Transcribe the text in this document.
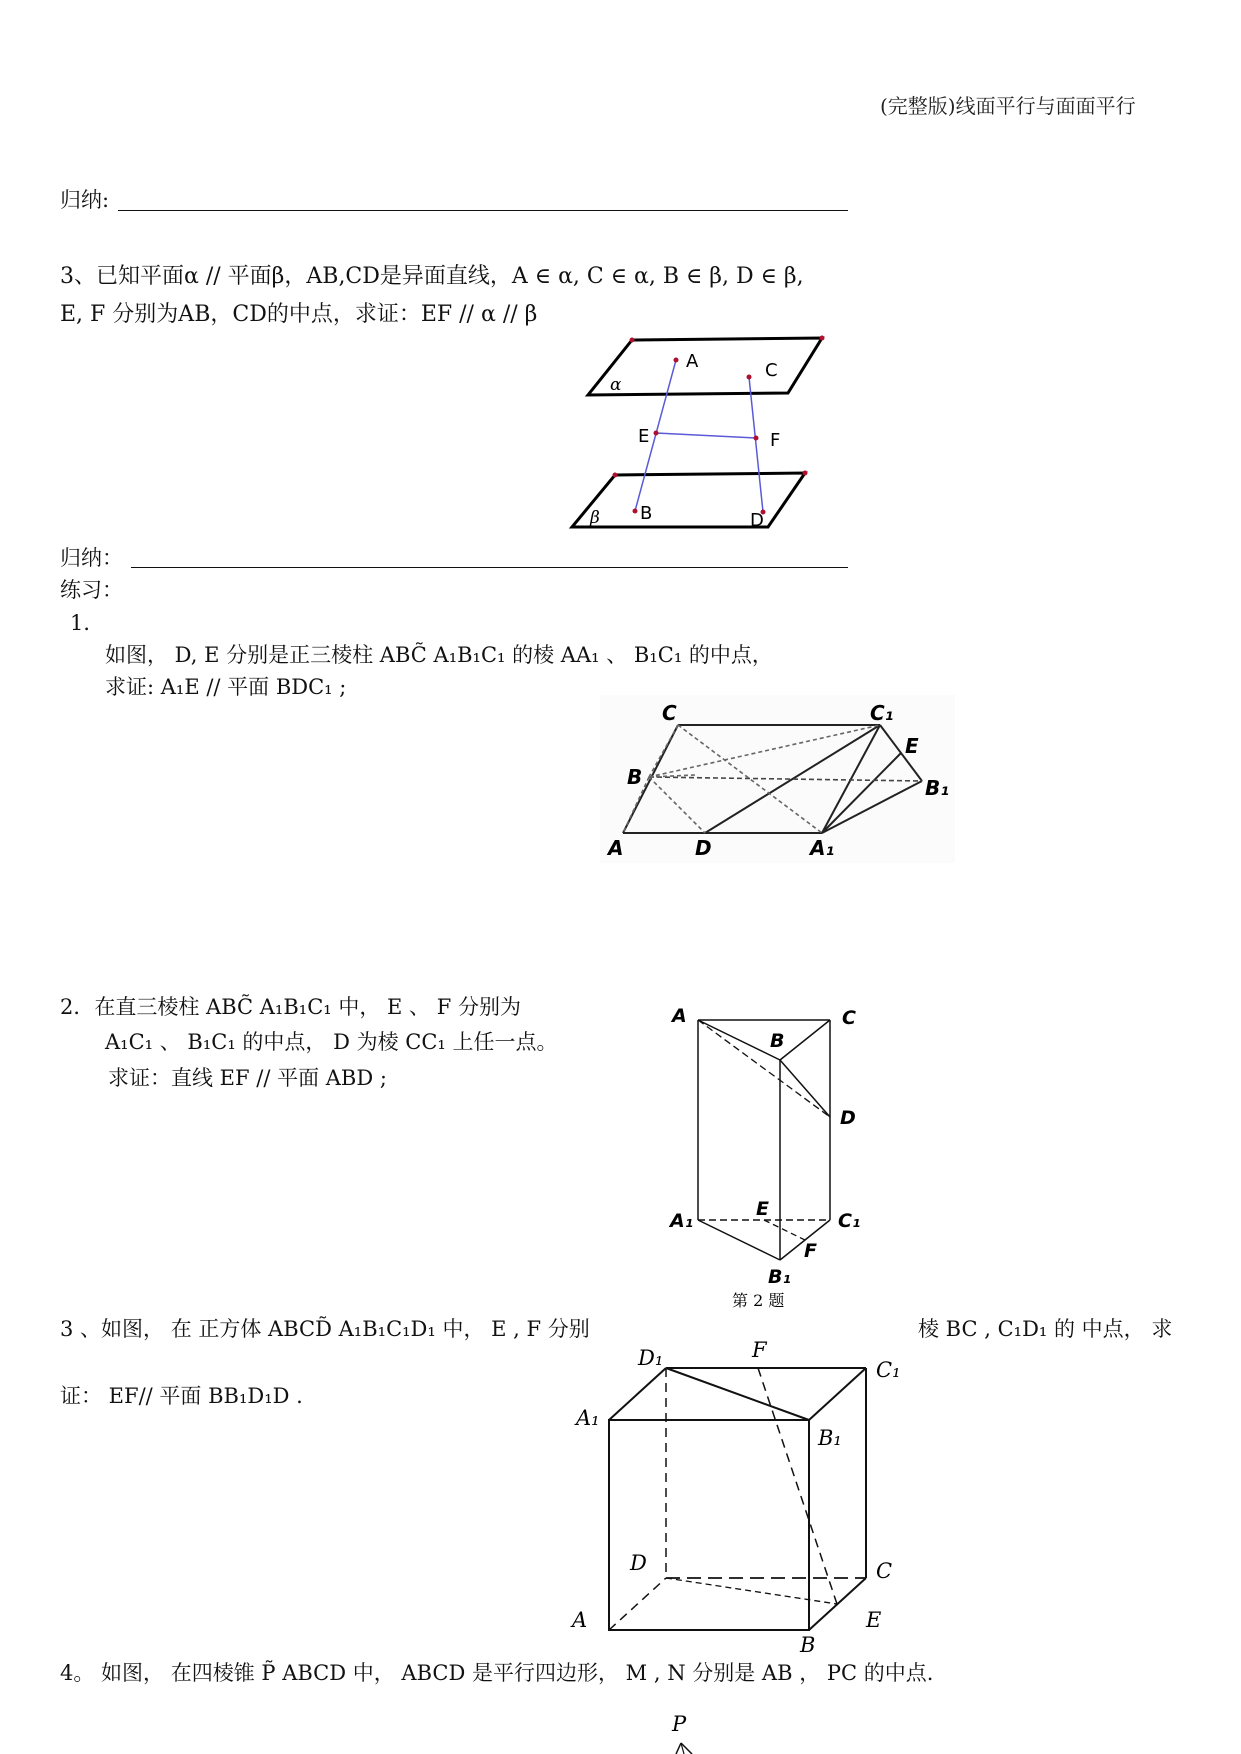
(完整版)线面平行与面面平行
归纳:
3、已知平面α // 平面β，AB,CD是异面直线，A ∈ α, C ∈ α, B ∈ β, D ∈ β,
E, F 分别为AB，CD的中点，求证：EF // α // β
A	C
α
E	F
β B	D
归纳：
练习：
1．
如图， D, E 分别是正三棱柱 ABC̃ A₁B₁C₁ 的棱 AA₁ 、 B₁C₁ 的中点，
求证: A₁E // 平面 BDC₁ ;
C	C₁
E
B	B₁
A	D	A₁
2．在直三棱柱 ABC̃ A₁B₁C₁ 中， E 、 F 分别为
A₁C₁ 、 B₁C₁ 的中点， D 为棱 CC₁ 上任一点。
求证：直线 EF // 平面 ABD ;
A
B
C
D
E
A₁	C₁
F
B₁
第 2 题
3 、如图， 在 正方体 ABCD̃ A₁B₁C₁D₁ 中， E , F 分别	棱 BC , C₁D₁ 的 中点， 求
证： EF// 平面 BB₁D₁D .
D₁	F
C₁
A₁
B₁
D	C
A	E
B
4。 如图， 在四棱锥 P̃ ABCD 中， ABCD 是平行四边形， M , N 分别是 AB ， PC 的中点.
P
